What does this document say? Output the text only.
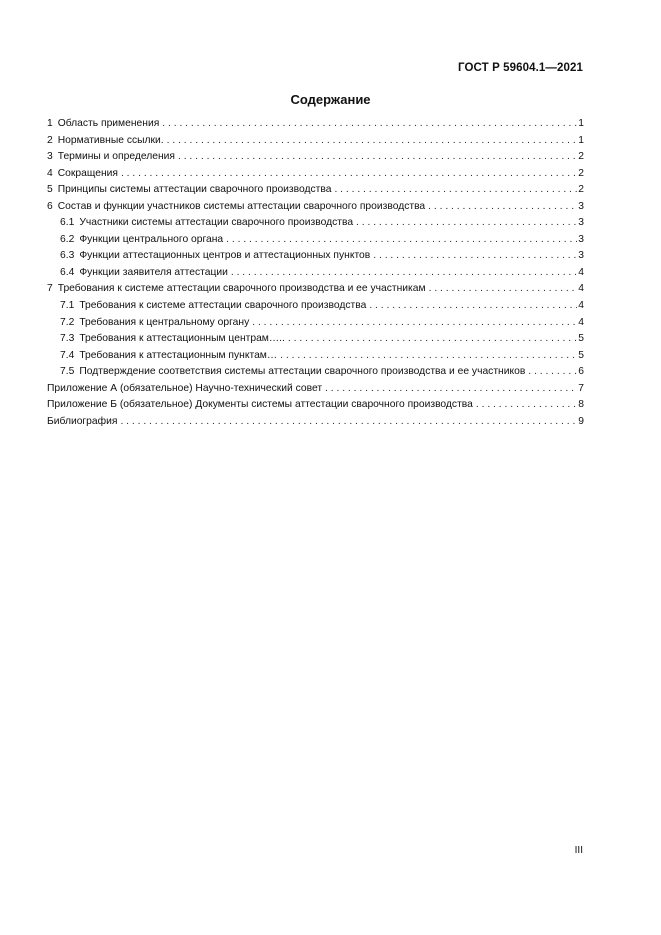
ГОСТ Р 59604.1—2021
Содержание
1 Область применения . . .	1
2 Нормативные ссылки. . . .	1
3 Термины и определения . . .	2
4 Сокращения . . .	2
5 Принципы системы аттестации сварочного производства . . .	2
6 Состав и функции участников системы аттестации сварочного производства . . .	3
6.1 Участники системы аттестации сварочного производства . . .	3
6.2 Функции центрального органа . . .	3
6.3 Функции аттестационных центров и аттестационных пунктов . . .	3
6.4 Функции заявителя аттестации . . .	4
7 Требования к системе аттестации сварочного производства и ее участникам . . .	4
7.1 Требования к системе аттестации сварочного производства . . .	4
7.2 Требования к центральному органу . . .	4
7.3 Требования к аттестационным центрам….. . . .	5
7.4 Требования к аттестационным пунктам… . . .	5
7.5 Подтверждение соответствия системы аттестации сварочного производства и ее участников . . .	6
Приложение А (обязательное) Научно-технический совет . . .	7
Приложение Б (обязательное) Документы системы аттестации сварочного производства . . .	8
Библиография . . .	9
III
